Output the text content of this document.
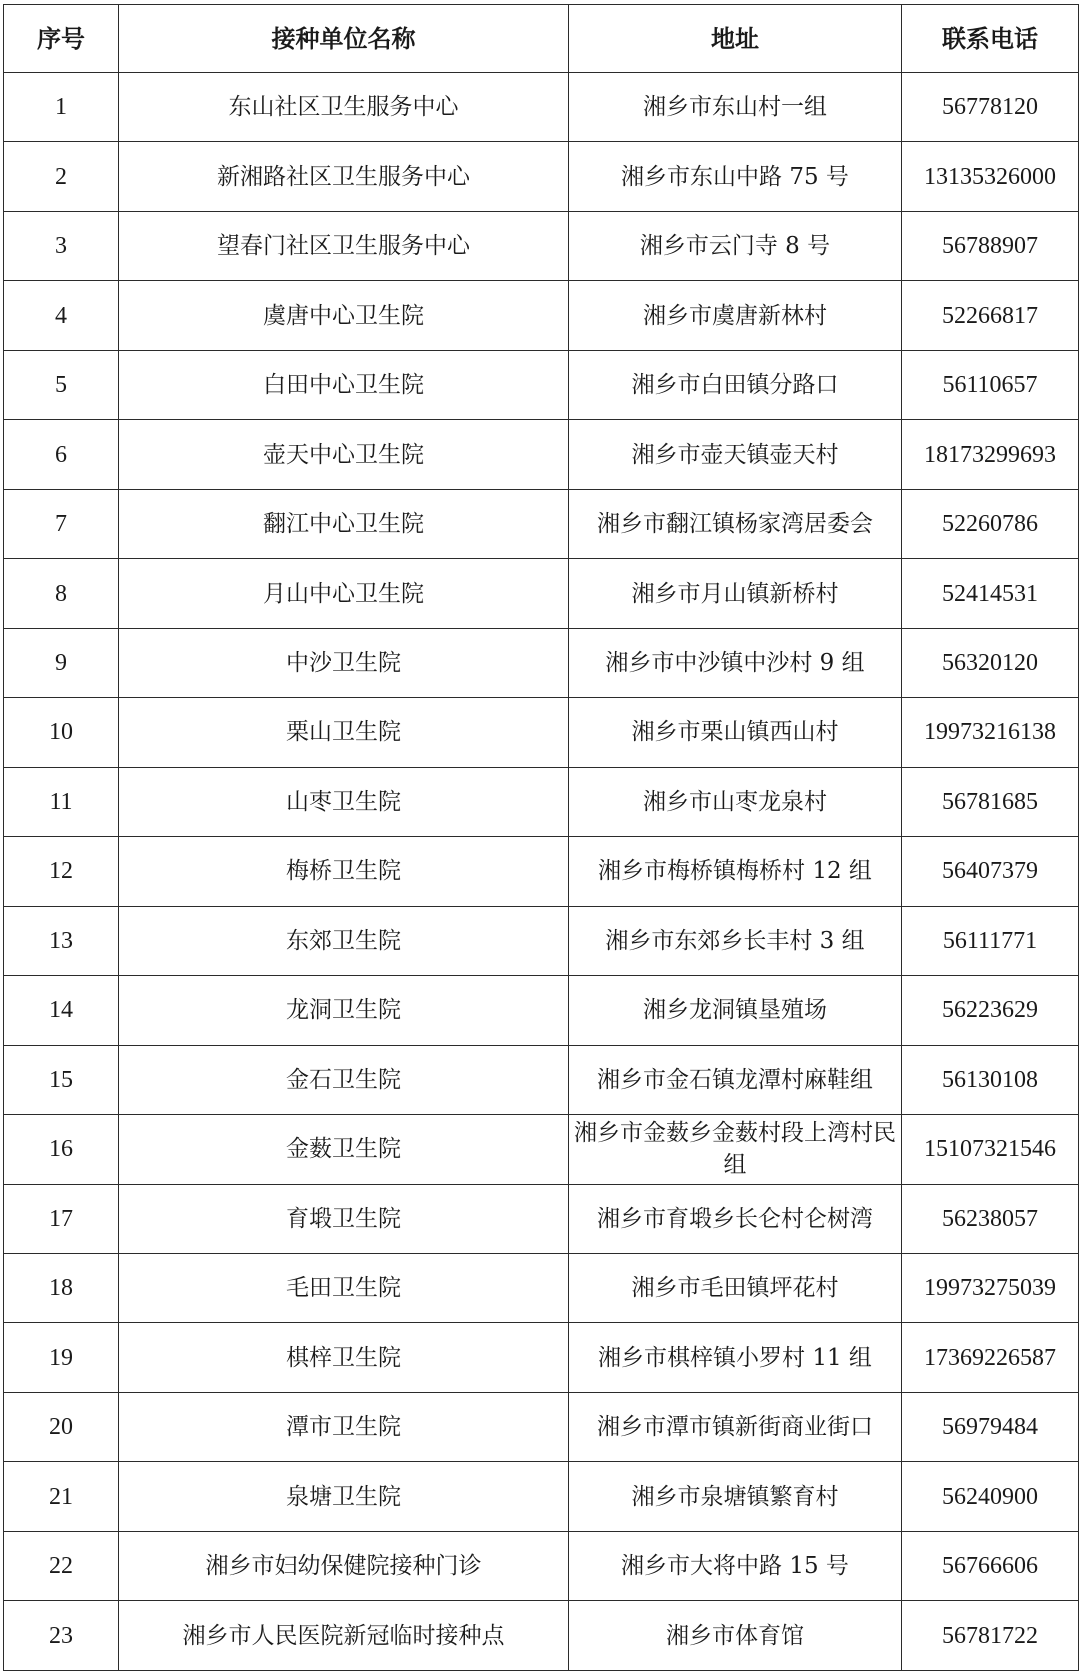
序号	接种单位名称	地址	联系电话
1	东山社区卫生服务中心	湘乡市东山村一组	56778120
2	新湘路社区卫生服务中心	湘乡市东山中路 75 号	13135326000
3	望春门社区卫生服务中心	湘乡市云门寺 8 号	56788907
4	虞唐中心卫生院	湘乡市虞唐新林村	52266817
5	白田中心卫生院	湘乡市白田镇分路口	56110657
6	壶天中心卫生院	湘乡市壶天镇壶天村	18173299693
7	翻江中心卫生院	湘乡市翻江镇杨家湾居委会	52260786
8	月山中心卫生院	湘乡市月山镇新桥村	52414531
9	中沙卫生院	湘乡市中沙镇中沙村 9 组	56320120
10	栗山卫生院	湘乡市栗山镇西山村	19973216138
11	山枣卫生院	湘乡市山枣龙泉村	56781685
12	梅桥卫生院	湘乡市梅桥镇梅桥村 12 组	56407379
13	东郊卫生院	湘乡市东郊乡长丰村 3 组	56111771
14	龙洞卫生院	湘乡龙洞镇垦殖场	56223629
15	金石卫生院	湘乡市金石镇龙潭村麻鞋组	56130108
16	金薮卫生院	湘乡市金薮乡金薮村段上湾村民组	15107321546
17	育塅卫生院	湘乡市育塅乡长仑村仑树湾	56238057
18	毛田卫生院	湘乡市毛田镇坪花村	19973275039
19	棋梓卫生院	湘乡市棋梓镇小罗村 11 组	17369226587
20	潭市卫生院	湘乡市潭市镇新街商业街口	56979484
21	泉塘卫生院	湘乡市泉塘镇繁育村	56240900
22	湘乡市妇幼保健院接种门诊	湘乡市大将中路 15 号	56766606
23	湘乡市人民医院新冠临时接种点	湘乡市体育馆	56781722
